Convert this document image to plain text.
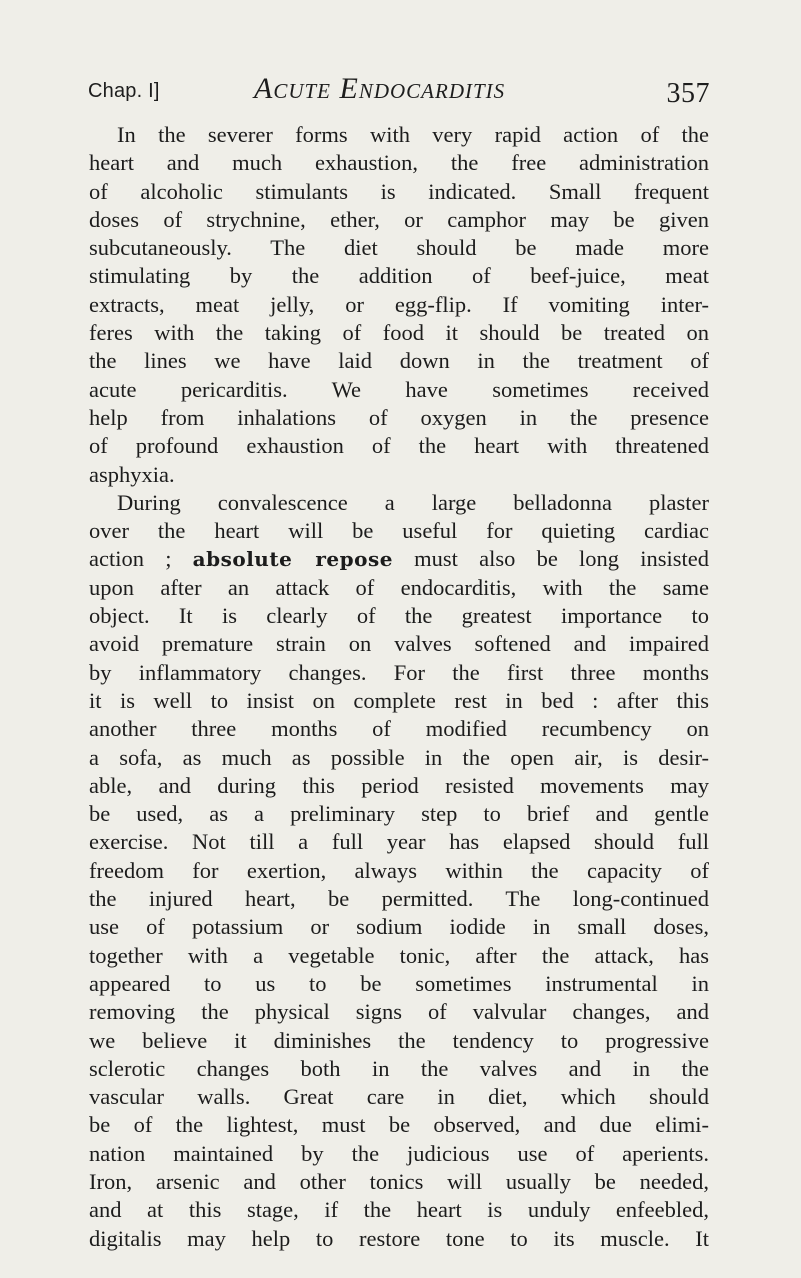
Chap. I]	Acute Endocarditis	357
In the severer forms with very rapid action of the
heart and much exhaustion, the free administration
of alcoholic stimulants is indicated. Small frequent
doses of strychnine, ether, or camphor may be given
subcutaneously. The diet should be made more
stimulating by the addition of beef-juice, meat
extracts, meat jelly, or egg-flip. If vomiting inter-
feres with the taking of food it should be treated on
the lines we have laid down in the treatment of
acute pericarditis. We have sometimes received
help from inhalations of oxygen in the presence
of profound exhaustion of the heart with threatened
asphyxia.
During convalescence a large belladonna plaster
over the heart will be useful for quieting cardiac
action ; absolute repose must also be long insisted
upon after an attack of endocarditis, with the same
object. It is clearly of the greatest importance to
avoid premature strain on valves softened and impaired
by inflammatory changes. For the first three months
it is well to insist on complete rest in bed : after this
another three months of modified recumbency on
a sofa, as much as possible in the open air, is desir-
able, and during this period resisted movements may
be used, as a preliminary step to brief and gentle
exercise. Not till a full year has elapsed should full
freedom for exertion, always within the capacity of
the injured heart, be permitted. The long-continued
use of potassium or sodium iodide in small doses,
together with a vegetable tonic, after the attack, has
appeared to us to be sometimes instrumental in
removing the physical signs of valvular changes, and
we believe it diminishes the tendency to progressive
sclerotic changes both in the valves and in the
vascular walls. Great care in diet, which should
be of the lightest, must be observed, and due elimi-
nation maintained by the judicious use of aperients.
Iron, arsenic and other tonics will usually be needed,
and at this stage, if the heart is unduly enfeebled,
digitalis may help to restore tone to its muscle. It
